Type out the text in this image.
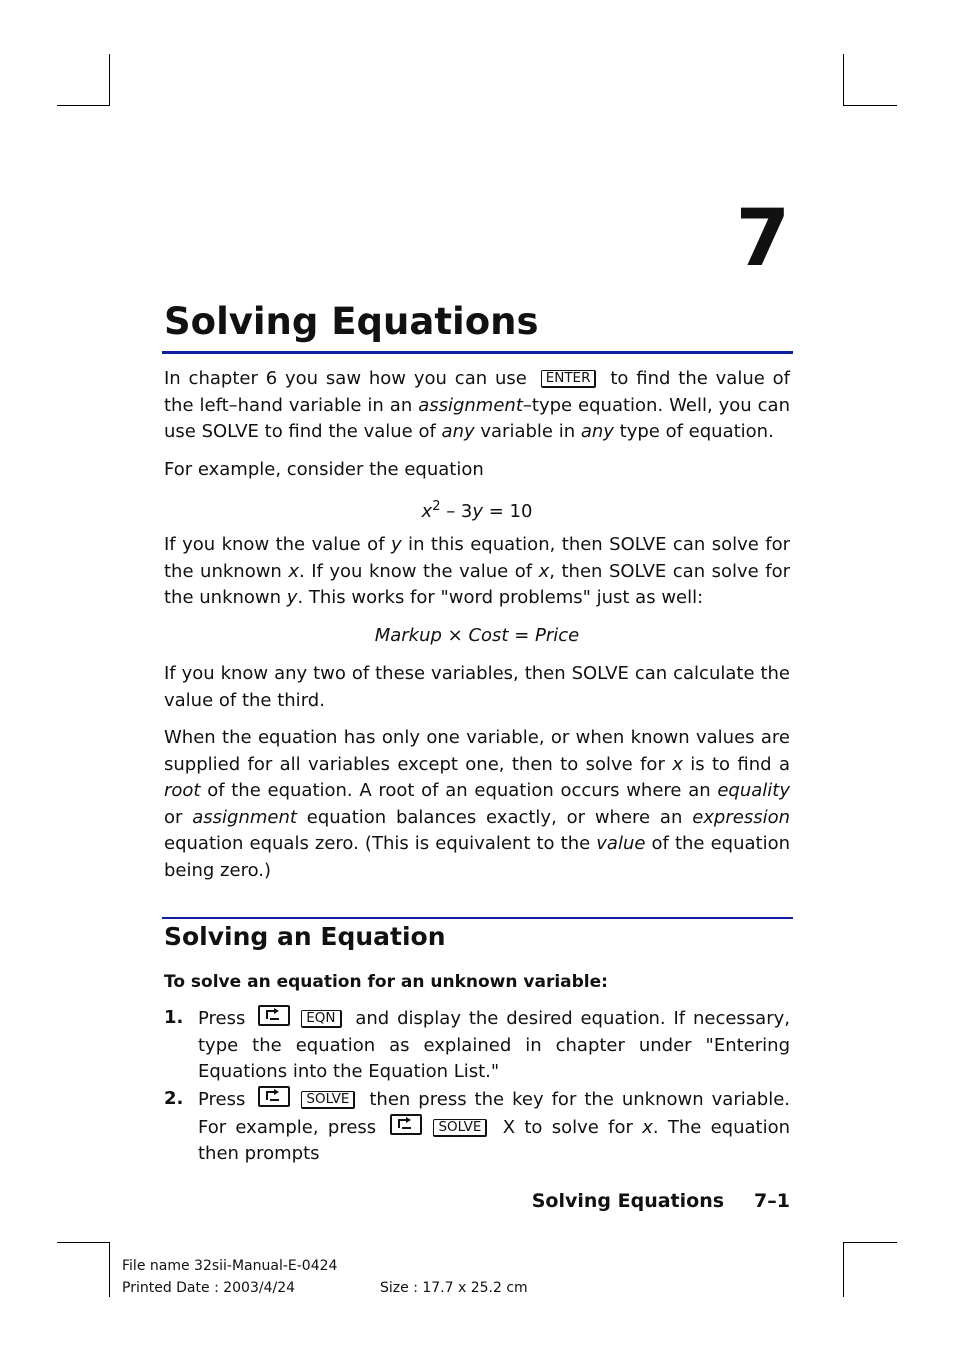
7
Solving Equations

In chapter 6 you saw how you can use ENTER to find the value of the left–hand variable in an assignment–type equation. Well, you can use SOLVE to find the value of any variable in any type of equation.

For example, consider the equation

$x^2 - 3y = 10$

If you know the value of y in this equation, then SOLVE can solve for the unknown x. If you know the value of x, then SOLVE can solve for the unknown y. This works for "word problems" just as well:

Markup × Cost = Price

If you know any two of these variables, then SOLVE can calculate the value of the third.

When the equation has only one variable, or when known values are supplied for all variables except one, then to solve for x is to find a root of the equation. A root of an equation occurs where an equality or assignment equation balances exactly, or where an expression equation equals zero. (This is equivalent to the value of the equation being zero.)

Solving an Equation
To solve an equation for an unknown variable:
1. Press	EQN and display the desired equation. If necessary, type the equation as explained in chapter under "Entering Equations into the Equation List."
2. Press	SOLVE then press the key for the unknown variable. For example, press	SOLVE X to solve for x. The equation then prompts
Solving Equations 7–1
File name 32sii-Manual-E-0424
Printed Date : 2003/4/24	Size : 17.7 x 25.2 cm
